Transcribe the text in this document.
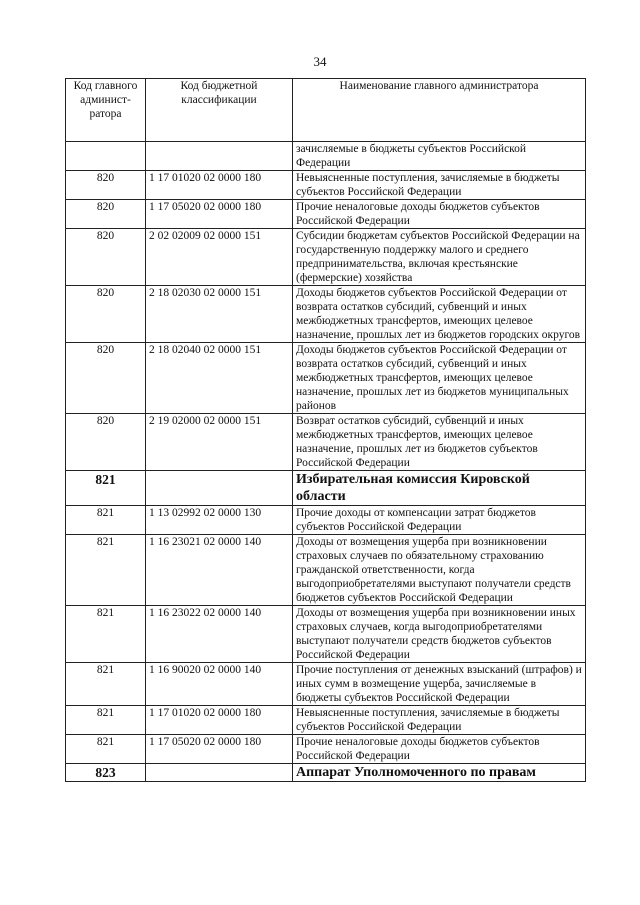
34
Код главного админист-ратора	Код бюджетной классификации	Наименование главного администратора
		зачисляемые в бюджеты субъектов Российской Федерации
820	1 17 01020 02 0000 180	Невыясненные поступления, зачисляемые в бюджеты субъектов Российской Федерации
820	1 17 05020 02 0000 180	Прочие неналоговые доходы бюджетов субъектов Российской Федерации
820	2 02 02009 02 0000 151	Субсидии бюджетам субъектов Российской Федерации на государственную поддержку малого и среднего предпринимательства, включая крестьянские (фермерские) хозяйства
820	2 18 02030 02 0000 151	Доходы бюджетов субъектов Российской Федерации от возврата остатков субсидий, субвенций и иных межбюджетных трансфертов, имеющих целевое назначение, прошлых лет из бюджетов городских округов
820	2 18 02040 02 0000 151	Доходы бюджетов субъектов Российской Федерации от возврата остатков субсидий, субвенций и иных межбюджетных трансфертов, имеющих целевое назначение, прошлых лет из бюджетов муниципальных районов
820	2 19 02000 02 0000 151	Возврат остатков субсидий, субвенций и иных межбюджетных трансфертов, имеющих целевое назначение, прошлых лет из бюджетов субъектов Российской Федерации
821		Избирательная комиссия Кировской области
821	1 13 02992 02 0000 130	Прочие доходы от компенсации затрат бюджетов субъектов Российской Федерации
821	1 16 23021 02 0000 140	Доходы от возмещения ущерба при возникновении страховых случаев по обязательному страхованию гражданской ответственности, когда выгодоприобретателями выступают получатели средств бюджетов субъектов Российской Федерации
821	1 16 23022 02 0000 140	Доходы от возмещения ущерба при возникновении иных страховых случаев, когда выгодоприобретателями выступают получатели средств бюджетов субъектов Российской Федерации
821	1 16 90020 02 0000 140	Прочие поступления от денежных взысканий (штрафов) и иных сумм в возмещение ущерба, зачисляемые в бюджеты субъектов Российской Федерации
821	1 17 01020 02 0000 180	Невыясненные поступления, зачисляемые в бюджеты субъектов Российской Федерации
821	1 17 05020 02 0000 180	Прочие неналоговые доходы бюджетов субъектов Российской Федерации
823		Аппарат Уполномоченного по правам
